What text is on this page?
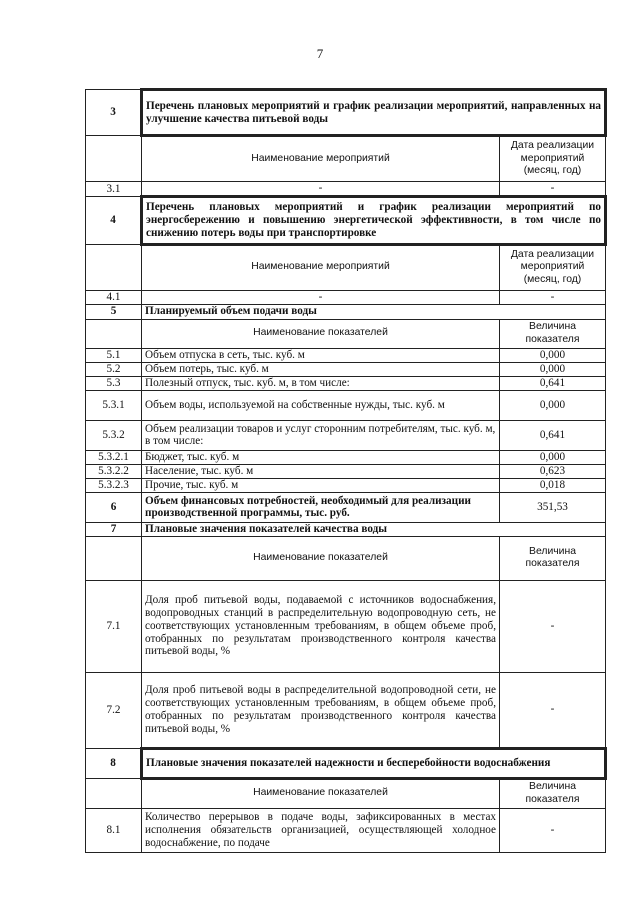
7
3	Перечень плановых мероприятий и график реализации мероприятий, направленных на улучшение качества питьевой воды	
	Наименование мероприятий	Дата реализации мероприятий (месяц, год)
3.1	-	-
4	Перечень плановых мероприятий и график реализации мероприятий по энергосбережению и повышению энергетической эффективности, в том числе по снижению потерь воды при транспортировке	
	Наименование мероприятий	Дата реализации мероприятий (месяц, год)
4.1	-	-
5	Планируемый объем подачи воды	
	Наименование показателей	Величина показателя
5.1	Объем отпуска в сеть, тыс. куб. м	0,000
5.2	Объем потерь, тыс. куб. м	0,000
5.3	Полезный отпуск, тыс. куб. м, в том числе:	0,641
5.3.1	Объем воды, используемой на собственные нужды, тыс. куб. м	0,000
5.3.2	Объем реализации товаров и услуг сторонним потребителям, тыс. куб. м, в том числе:	0,641
5.3.2.1	Бюджет, тыс. куб. м	0,000
5.3.2.2	Население, тыс. куб. м	0,623
5.3.2.3	Прочие, тыс. куб. м	0,018
6	Объем финансовых потребностей, необходимый для реализации производственной программы, тыс. руб.	351,53
7	Плановые значения показателей качества воды	
	Наименование показателей	Величина показателя
7.1	Доля проб питьевой воды, подаваемой с источников водоснабжения, водопроводных станций в распределительную водопроводную сеть, не соответствующих установленным требованиям, в общем объеме проб, отобранных по результатам производственного контроля качества питьевой воды, %	-
7.2	Доля проб питьевой воды в распределительной водопроводной сети, не соответствующих установленным требованиям, в общем объеме проб, отобранных по результатам производственного контроля качества питьевой воды, %	-
8	Плановые значения показателей надежности и бесперебойности водоснабжения	
	Наименование показателей	Величина показателя
8.1	Количество перерывов в подаче воды, зафиксированных в местах исполнения обязательств организацией, осуществляющей холодное водоснабжение, по подаче	-
